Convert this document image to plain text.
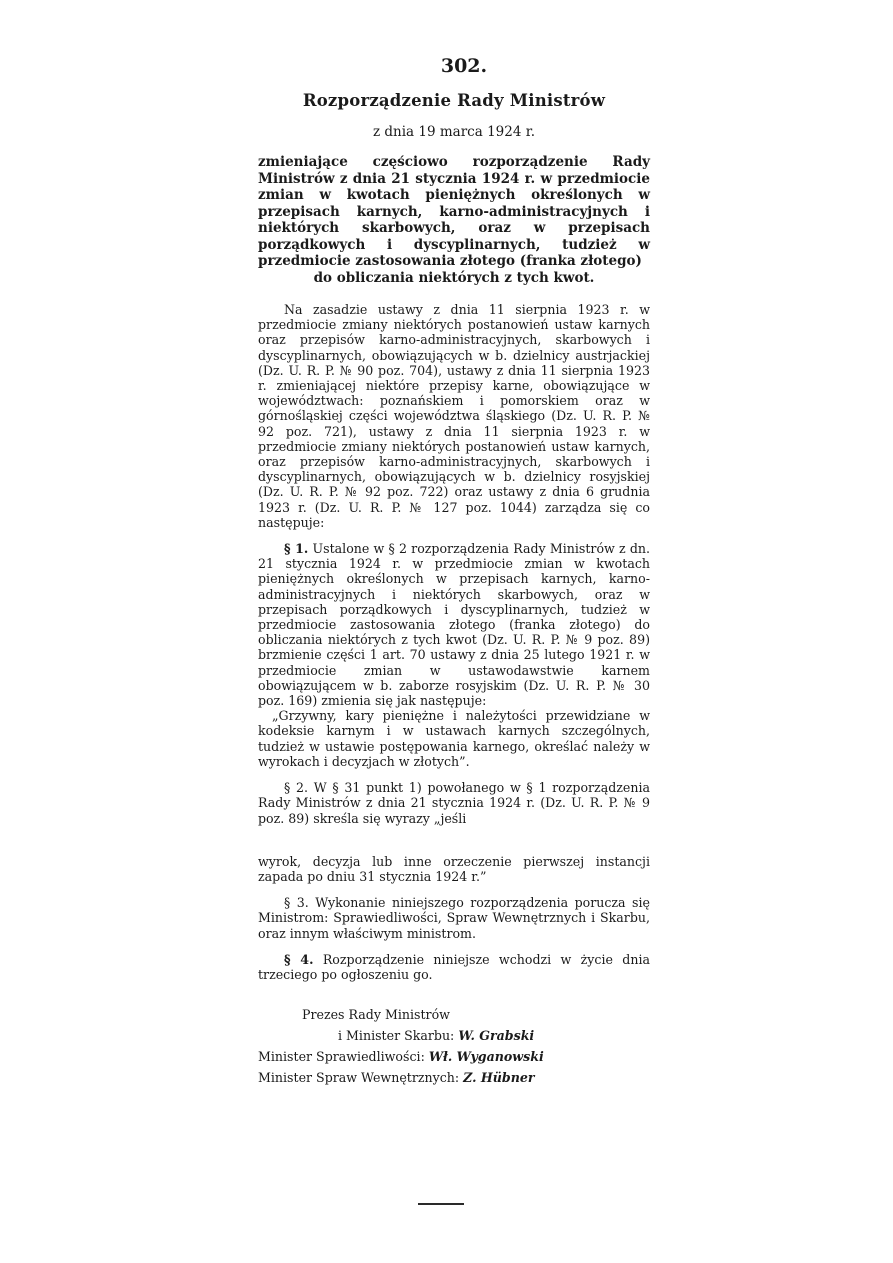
302.
Rozporządzenie Rady Ministrów
z dnia 19 marca 1924 r.
zmieniające częściowo rozporządzenie Rady Ministrów z dnia 21 stycznia 1924 r. w przedmiocie zmian w kwotach pieniężnych określonych w przepisach karnych, karno-administracyjnych i niektórych skarbowych, oraz w przepisach porządkowych i dyscyplinarnych, tudzież w przedmiocie zastosowania złotego (franka złotego)
do obliczania niektórych z tych kwot.

Na zasadzie ustawy z dnia 11 sierpnia 1923 r. w przedmiocie zmiany niektórych postanowień ustaw karnych oraz przepisów karno-administracyjnych, skarbowych i dyscyplinarnych, obowiązujących w b. dzielnicy austrjackiej (Dz. U. R. P. № 90 poz. 704), ustawy z dnia 11 sierpnia 1923 r. zmieniającej niektóre przepisy karne, obowiązujące w województwach: poznańskiem i pomorskiem oraz w górnośląskiej części województwa śląskiego (Dz. U. R. P. № 92 poz. 721), ustawy z dnia 11 sierpnia 1923 r. w przedmiocie zmiany niektórych postanowień ustaw karnych, oraz przepisów karno-administracyjnych, skarbowych i dyscyplinarnych, obowiązujących w b. dzielnicy rosyjskiej (Dz. U. R. P. № 92 poz. 722) oraz ustawy z dnia 6 grudnia 1923 r. (Dz. U. R. P. № 127 poz. 1044) zarządza się co następuje:

§ 1. Ustalone w § 2 rozporządzenia Rady Ministrów z dn. 21 stycznia 1924 r. w przedmiocie zmian w kwotach pieniężnych określonych w przepisach karnych, karno-administracyjnych i niektórych skarbowych, oraz w przepisach porządkowych i dyscyplinarnych, tudzież w przedmiocie zastosowania złotego (franka złotego) do obliczania niektórych z tych kwot (Dz. U. R. P. № 9 poz. 89) brzmienie części 1 art. 70 ustawy z dnia 25 lutego 1921 r. w przedmiocie zmian w ustawodawstwie karnem obowiązującem w b. zaborze rosyjskim (Dz. U. R. P. № 30 poz. 169) zmienia się jak następuje:

„Grzywny, kary pieniężne i należytości przewidziane w kodeksie karnym i w ustawach karnych szczególnych, tudzież w ustawie postępowania karnego, określać należy w wyrokach i decyzjach w złotych”.

§ 2. W § 31 punkt 1) powołanego w § 1 rozporządzenia Rady Ministrów z dnia 21 stycznia 1924 r. (Dz. U. R. P. № 9 poz. 89) skreśla się wyrazy „jeśli

wyrok, decyzja lub inne orzeczenie pierwszej instancji zapada po dniu 31 stycznia 1924 r.”

§ 3. Wykonanie niniejszego rozporządzenia porucza się Ministrom: Sprawiedliwości, Spraw Wewnętrznych i Skarbu, oraz innym właściwym ministrom.

§ 4. Rozporządzenie niniejsze wchodzi w życie dnia trzeciego po ogłoszeniu go.

Prezes Rady Ministrów
i Minister Skarbu: W. Grabski
Minister Sprawiedliwości: Wł. Wyganowski
Minister Spraw Wewnętrznych: Z. Hübner
